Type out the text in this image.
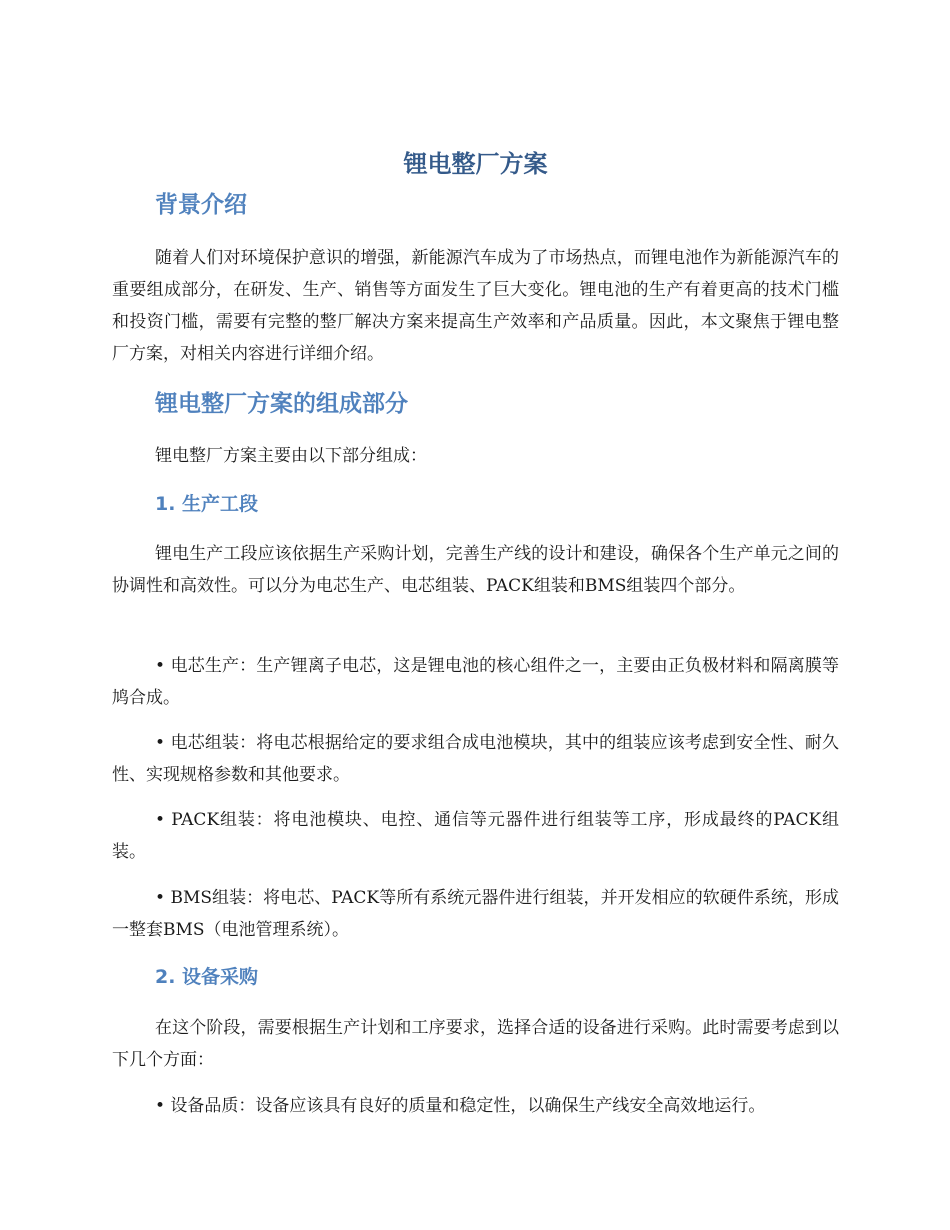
锂电整厂方案
背景介绍

随着人们对环境保护意识的增强，新能源汽车成为了市场热点，而锂电池作为新能源汽车的重要组成部分，在研发、生产、销售等方面发生了巨大变化。锂电池的生产有着更高的技术门槛和投资门槛，需要有完整的整厂解决方案来提高生产效率和产品质量。因此，本文聚焦于锂电整厂方案，对相关内容进行详细介绍。

锂电整厂方案的组成部分

锂电整厂方案主要由以下部分组成：

1. 生产工段

锂电生产工段应该依据生产采购计划，完善生产线的设计和建设，确保各个生产单元之间的协调性和高效性。可以分为电芯生产、电芯组装、PACK组装和BMS组装四个部分。

• 电芯生产：生产锂离子电芯，这是锂电池的核心组件之一，主要由正负极材料和隔离膜等鸠合成。

• 电芯组装：将电芯根据给定的要求组合成电池模块，其中的组装应该考虑到安全性、耐久性、实现规格参数和其他要求。

• PACK组装：将电池模块、电控、通信等元器件进行组装等工序，形成最终的PACK组装。

• BMS组装：将电芯、PACK等所有系统元器件进行组装，并开发相应的软硬件系统，形成一整套BMS（电池管理系统）。

2. 设备采购

在这个阶段，需要根据生产计划和工序要求，选择合适的设备进行采购。此时需要考虑到以下几个方面：

• 设备品质：设备应该具有良好的质量和稳定性，以确保生产线安全高效地运行。
